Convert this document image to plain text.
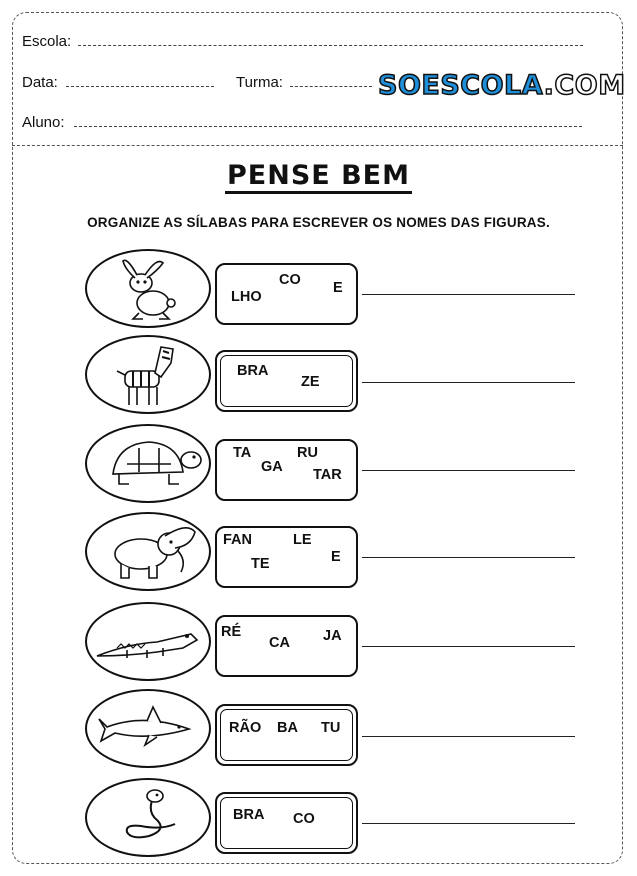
Escola:
Data:	Turma:	SOESCOLA.COM
Aluno:
PENSE BEM
ORGANIZE AS SÍLABAS PARA ESCREVER OS NOMES DAS FIGURAS.
CO
LHO
E
BRA
ZE
TA	RU
GA TAR
FAN	LE
TE	E
RÉ
CA JA
RÃO BA TU
BRA CO
